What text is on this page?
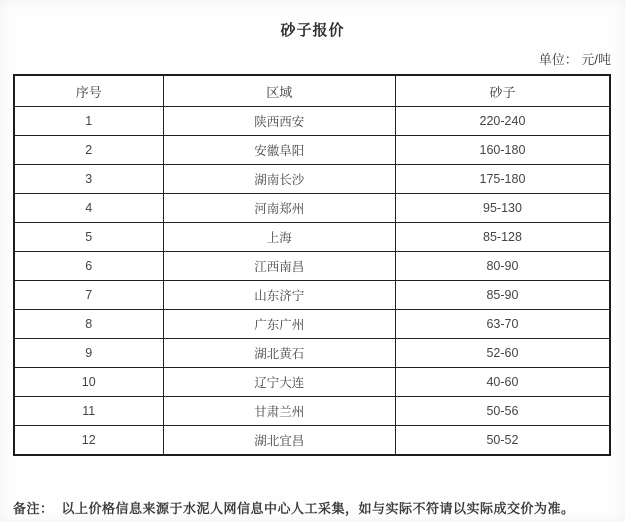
砂子报价
单位： 元/吨
序号	区域	砂子
1	陕西西安	220-240
2	安徽阜阳	160-180
3	湖南长沙	175-180
4	河南郑州	95-130
5	上海	85-128
6	江西南昌	80-90
7	山东济宁	85-90
8	广东广州	63-70
9	湖北黄石	52-60
10	辽宁大连	40-60
11	甘肃兰州	50-56
12	湖北宜昌	50-52
备注： 以上价格信息来源于水泥人网信息中心人工采集，如与实际不符请以实际成交价为准。
